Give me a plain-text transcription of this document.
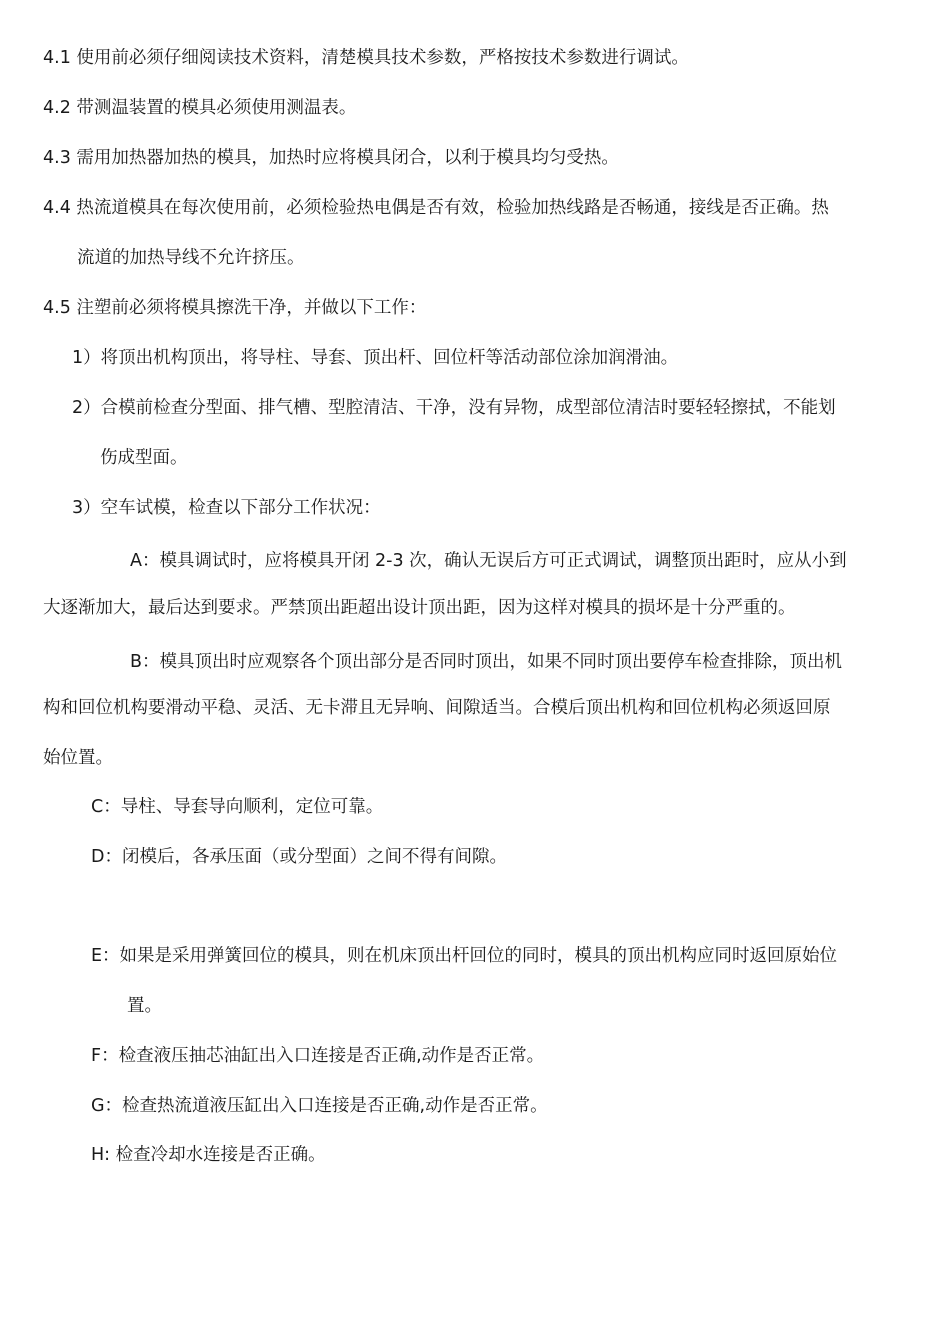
4.1 使用前必须仔细阅读技术资料，清楚模具技术参数，严格按技术参数进行调试。
4.2 带测温装置的模具必须使用测温表。
4.3 需用加热器加热的模具，加热时应将模具闭合，以利于模具均匀受热。
4.4 热流道模具在每次使用前，必须检验热电偶是否有效，检验加热线路是否畅通，接线是否正确。热
流道的加热导线不允许挤压。
4.5 注塑前必须将模具擦洗干净，并做以下工作：
1）将顶出机构顶出，将导柱、导套、顶出杆、回位杆等活动部位涂加润滑油。
2）合模前检查分型面、排气槽、型腔清洁、干净，没有异物，成型部位清洁时要轻轻擦拭，不能划
伤成型面。
3）空车试模，检查以下部分工作状况：
A：模具调试时，应将模具开闭 2-3 次，确认无误后方可正式调试，调整顶出距时，应从小到
大逐渐加大，最后达到要求。严禁顶出距超出设计顶出距，因为这样对模具的损坏是十分严重的。
B：模具顶出时应观察各个顶出部分是否同时顶出，如果不同时顶出要停车检查排除，顶出机
构和回位机构要滑动平稳、灵活、无卡滞且无异响、间隙适当。合模后顶出机构和回位机构必须返回原
始位置。
C：导柱、导套导向顺利，定位可靠。
D：闭模后，各承压面（或分型面）之间不得有间隙。
E：如果是采用弹簧回位的模具，则在机床顶出杆回位的同时，模具的顶出机构应同时返回原始位
置。
F：检查液压抽芯油缸出入口连接是否正确,动作是否正常。
G：检查热流道液压缸出入口连接是否正确,动作是否正常。
H: 检查冷却水连接是否正确。
